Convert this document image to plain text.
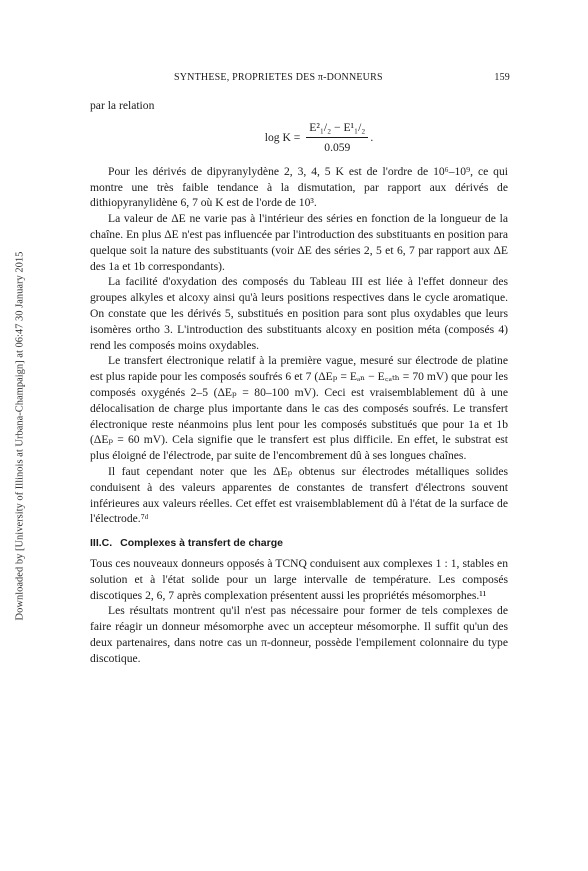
Downloaded by [University of Illinois at Urbana-Champaign] at 06:47 30 January 2015
SYNTHESE, PROPRIETES DES π-DONNEURS	159

par la relation

$\log K = \frac{\text{E²₁/₂ − E¹₁/₂}}{0.059}$ .

Pour les dérivés de dipyranylydène 2, 3, 4, 5 K est de l'ordre de 10⁶–10⁹, ce qui montre une très faible tendance à la dismutation, par rapport aux dérivés de dithiopyranylidène 6, 7 où K est de l'orde de 10³.

La valeur de ΔE ne varie pas à l'intérieur des séries en fonction de la longueur de la chaîne. En plus ΔE n'est pas influencée par l'introduction des substituants en position para quelque soit la nature des substituants (voir ΔE des séries 2, 5 et 6, 7 par rapport aux ΔE des 1a et 1b correspondants).

La facilité d'oxydation des composés du Tableau III est liée à l'effet donneur des groupes alkyles et alcoxy ainsi qu'à leurs positions respectives dans le cycle aromatique. On constate que les dérivés 5, substitués en position para sont plus oxydables que leurs isomères ortho 3. L'introduction des substituants alcoxy en position méta (composés 4) rend les composés moins oxydables.

Le transfert électronique relatif à la première vague, mesuré sur électrode de platine est plus rapide pour les composés soufrés 6 et 7 (ΔEₚ = Eₐₙ − E꜀ₐₜₕ = 70 mV) que pour les composés oxygénés 2–5 (ΔEₚ = 80–100 mV). Ceci est vraisemblablement dû à une délocalisation de charge plus importante dans le cas des composés soufrés. Le transfert électronique reste néanmoins plus lent pour les composés substitués que pour 1a et 1b (ΔEₚ = 60 mV). Cela signifie que le transfert est plus difficile. En effet, le substrat est plus éloigné de l'électrode, par suite de l'encombrement dû à ses longues chaînes.

Il faut cependant noter que les ΔEₚ obtenus sur électrodes métalliques solides conduisent à des valeurs apparentes de constantes de transfert d'électrons souvent inférieures aux valeurs réelles. Cet effet est vraisemblablement dû à l'état de la surface de l'électrode.⁷ᵈ

III.C. Complexes à transfert de charge

Tous ces nouveaux donneurs opposés à TCNQ conduisent aux complexes 1 : 1, stables en solution et à l'état solide pour un large intervalle de température. Les composés discotiques 2, 6, 7 après complexation présentent aussi les propriétés mésomorphes.¹¹

Les résultats montrent qu'il n'est pas nécessaire pour former de tels complexes de faire réagir un donneur mésomorphe avec un accepteur mésomorphe. Il suffit qu'un des deux partenaires, dans notre cas un π-donneur, possède l'empilement colonnaire du type discotique.
